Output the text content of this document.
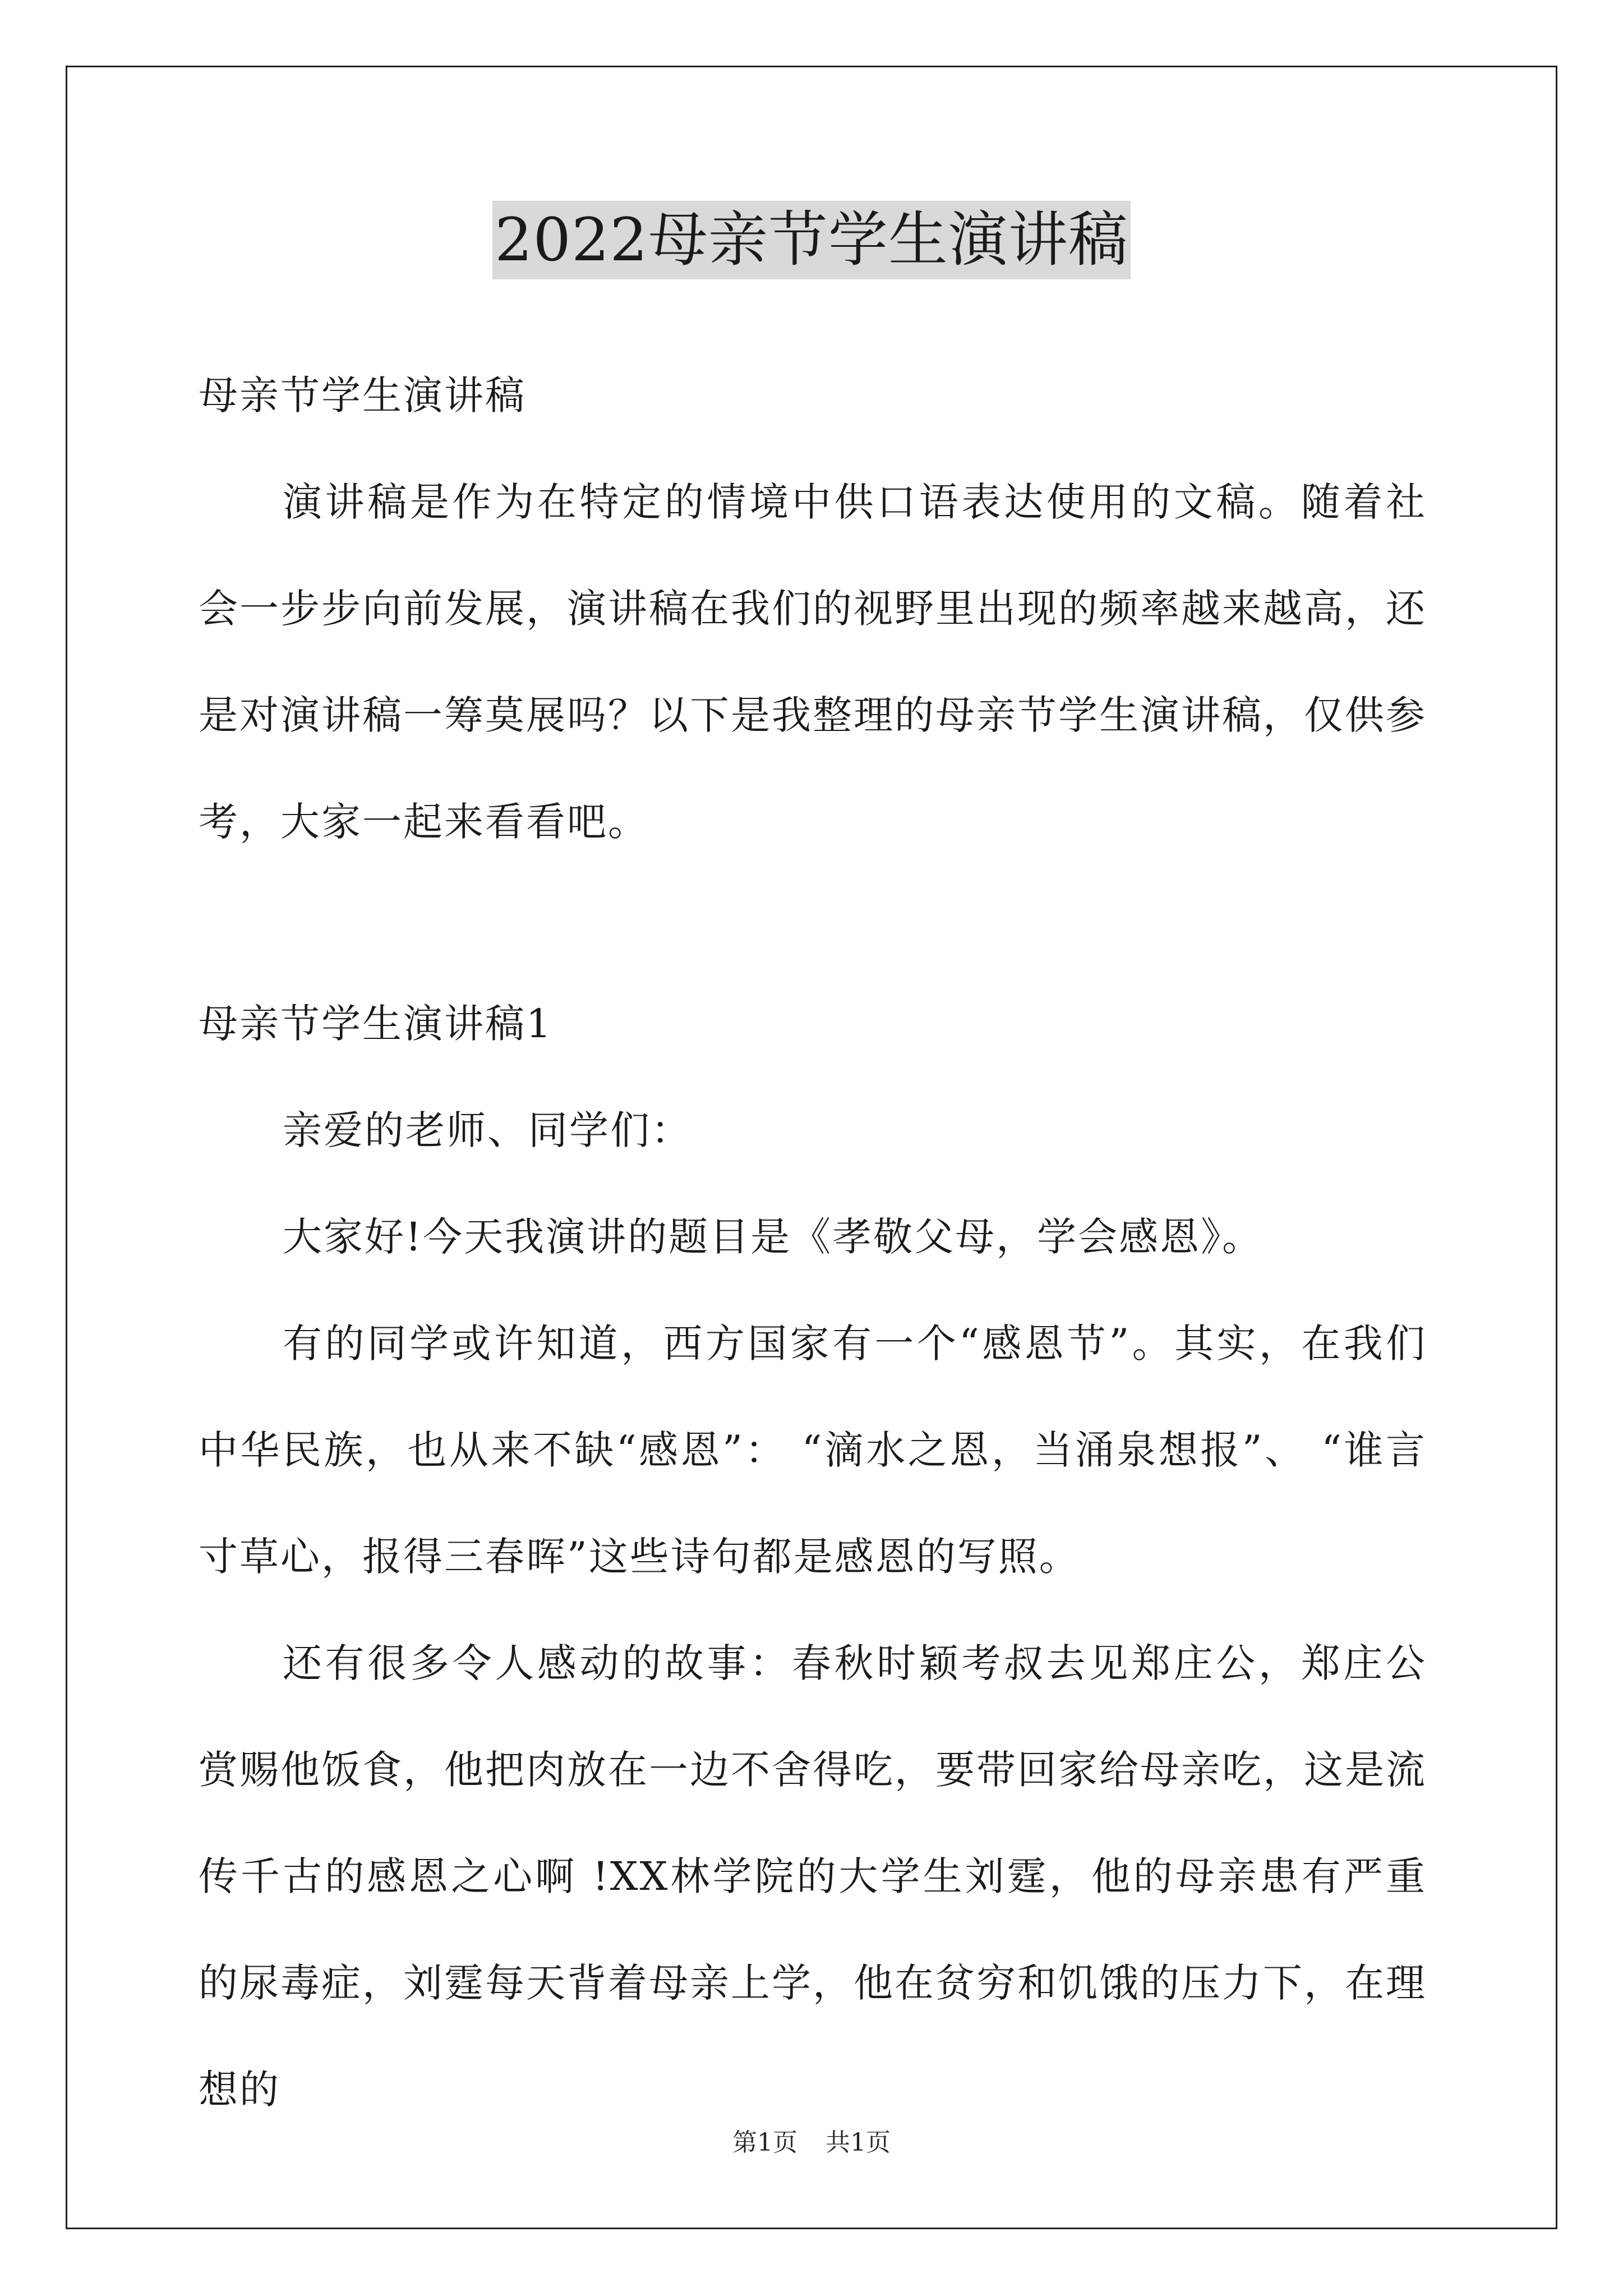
2022母亲节学生演讲稿

母亲节学生演讲稿

演讲稿是作为在特定的情境中供口语表达使用的文稿。随着社会一步步向前发展，演讲稿在我们的视野里出现的频率越来越高，还是对演讲稿一筹莫展吗？以下是我整理的母亲节学生演讲稿，仅供参考，大家一起来看看吧。

母亲节学生演讲稿1

亲爱的老师、同学们：

大家好!今天我演讲的题目是《孝敬父母，学会感恩》。

有的同学或许知道，西方国家有一个“感恩节”。其实，在我们中华民族，也从来不缺“感恩”： “滴水之恩，当涌泉想报”、 “谁言寸草心，报得三春晖”这些诗句都是感恩的写照。

还有很多令人感动的故事：春秋时颖考叔去见郑庄公，郑庄公赏赐他饭食，他把肉放在一边不舍得吃，要带回家给母亲吃，这是流传千古的感恩之心啊 !XX林学院的大学生刘霆，他的母亲患有严重的尿毒症，刘霆每天背着母亲上学，他在贫穷和饥饿的压力下，在理想的

第1页 共1页
